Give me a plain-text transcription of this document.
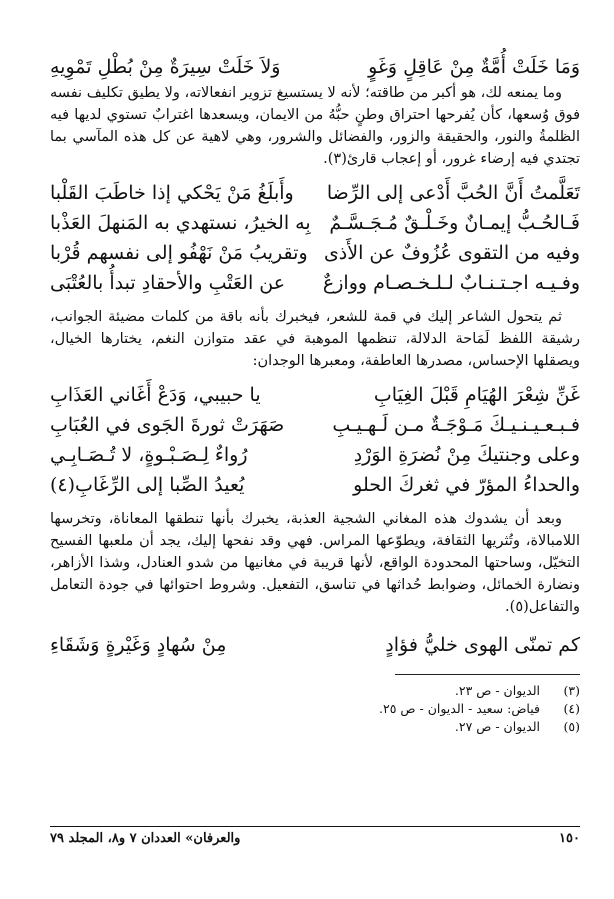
وَمَا خَلَتْ أُمَّةٌ مِنْ عَاقِلٍ وَغَوٍ
وَلاَ خَلَتْ سِيرَةٌ مِنْ بُطْلِ تَمْوِيهِ

وما يمنعه لك، هو أكبر من طاقته؛ لأنه لا يستسيغ تزوير انفعالاته، ولا يطيق تكليف نفسه فوق وُسعها، كأن يُفرحها احتراق وطنٍ حبُّهُ من الايمان، ويسعدها اغترابٌ تستوي لديها فيه الظلمةُ والنور، والحقيقة والزور، والفضائل والشرور، وهي لاهية عن كل هذه المآسي بما تجتدي فيه إرضاء غرور، أو إعجاب قارئ(٣).

تَعَلَّمتُ أَنَّ الحُبَّ أَدْعى إلى الرِّضا
وأَبلَغُ مَنْ يَحْكي إذا خاطَبَ القَلْبا
فَـالحُـبُّ إيمـانٌ وخَـلْـقٌ مُـجَـسَّـمٌ
بِه الخيرُ، نستهدي به المَنهلَ العَذْبا
وفيه من التقوى عُزُوفٌ عن الأَذى
وتقريبُ مَنْ نَهْفُو إلى نفسهم قُرْبا
وفـيـه اجـتـنـابٌ لـلـخـصـام ووازعٌ
عن العَتْبِ والأحقادِ تبدأُ بالعُتْبَى

ثم يتحول الشاعر إليك في قمة للشعر، فيخبرك بأنه باقة من كلمات مضيئة الجوانب، رشيقة اللفظ لَمَاحة الدلالة، تنظمها الموهبة في عقد متوازن النغم، يختارها الخيال، ويصقلها الإحساس، مصدرها العاطفة، ومعبرها الوجدان:

غَنِّ شِعْرَ الهُيَامِ قَبْلَ الغِيَابِ
يا حبيبي، وَدَعْ أَغَاني العَذَابِ
فـبـعـيـنـيـكَ مَـوْجَـةٌ مـن لَـهـيـبِ
صَهَرَتْ ثورةَ الجَوى في العُبَابِ
وعلى وجنتيكَ مِنْ نُضرَةِ الوَرْدِ
رُواءٌ لِـصَـبْـوةٍ، لا تُـصَـابِـي
والحداءُ المؤرّ في ثغركَ الحلو
يُعيدُ الصِّبا إلى الرِّغَابِ(٤)

وبعد أن يشدوك هذه المغاني الشجية العذبة، يخبرك بأنها تنطقها المعاناة، وتخرسها اللامبالاة، وتُثريها الثقافة، ويطوّعها المراس. فهي وقد نفحها إليك، يجد أن ملعبها الفسيح التخيّل، وساحتها المحدودة الواقع، لأنها قريبة في مغانيها من شدو العنادل، وشذا الأزاهر، ونضارة الخمائل، وضوابط حُداثها في تناسق، التفعيل. وشروط احتوائها في جودة التعامل والتفاعل(٥).

كم تمنّى الهوى خليُّ فؤادٍ
مِنْ سُهادٍ وَغَيْرةٍ وَشَقَاءِ
(٣)
الديوان - ص ٢٣.
(٤)
فياض: سعيد - الديوان - ص ٢٥.
(٥)
الديوان - ص ٢٧.
١٥٠
والعرفان» العددان ٧ و٨، المجلد ٧٩
